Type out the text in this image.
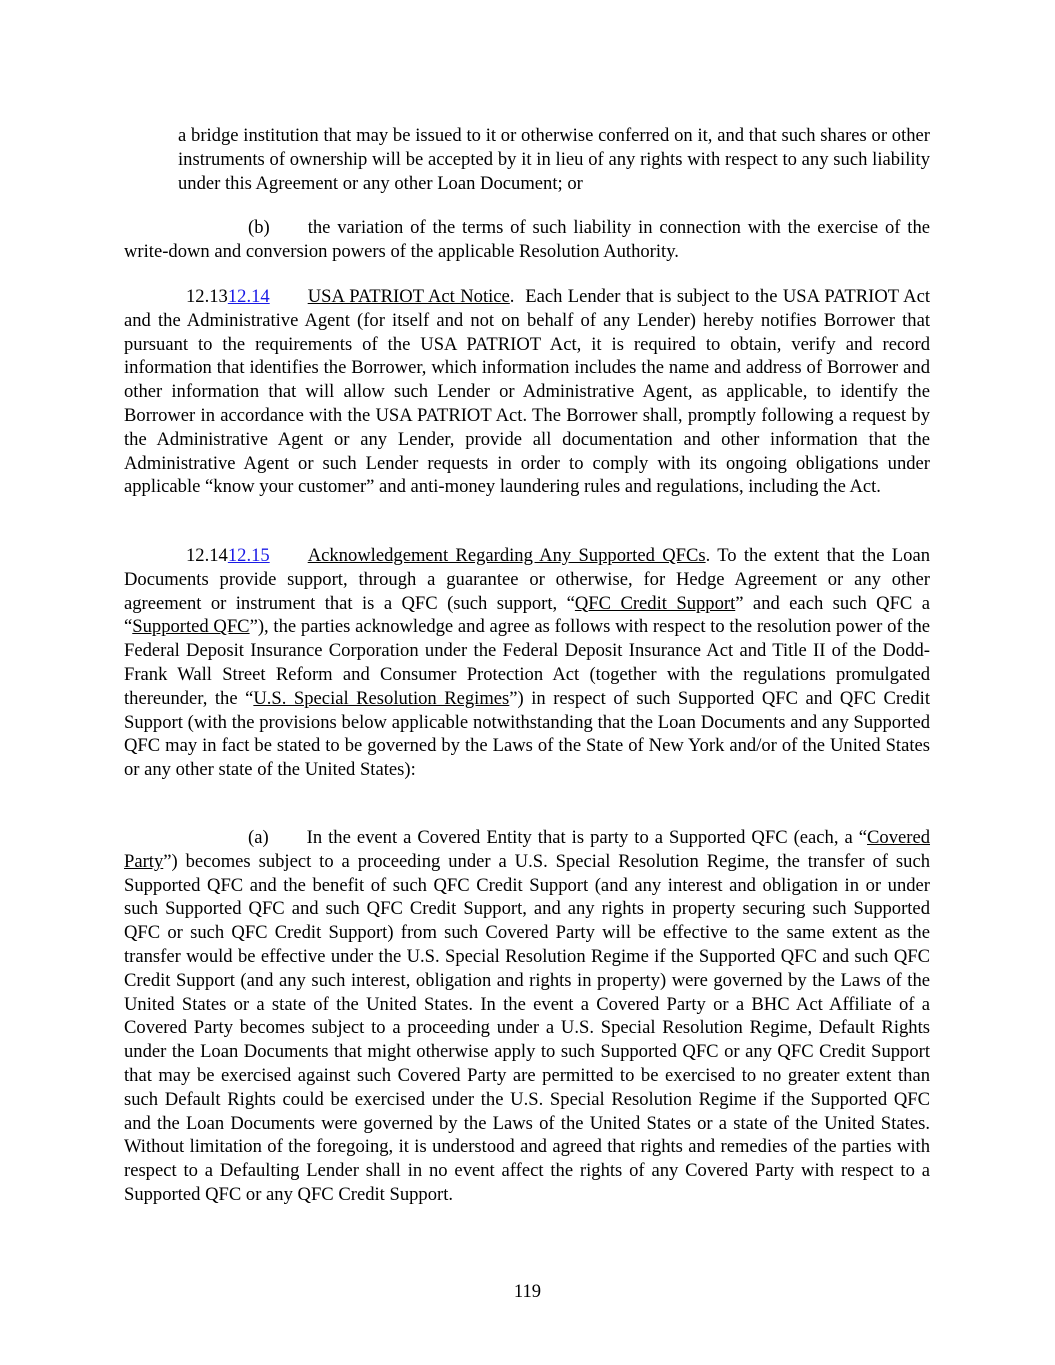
a bridge institution that may be issued to it or otherwise conferred on it, and that such shares or other instruments of ownership will be accepted by it in lieu of any rights with respect to any such liability under this Agreement or any other Loan Document; or

(b) the variation of the terms of such liability in connection with the exercise of the write-down and conversion powers of the applicable Resolution Authority.

12.1312.14 USA PATRIOT Act Notice. Each Lender that is subject to the USA PATRIOT Act and the Administrative Agent (for itself and not on behalf of any Lender) hereby notifies Borrower that pursuant to the requirements of the USA PATRIOT Act, it is required to obtain, verify and record information that identifies the Borrower, which information includes the name and address of Borrower and other information that will allow such Lender or Administrative Agent, as applicable, to identify the Borrower in accordance with the USA PATRIOT Act. The Borrower shall, promptly following a request by the Administrative Agent or any Lender, provide all documentation and other information that the Administrative Agent or such Lender requests in order to comply with its ongoing obligations under applicable “know your customer” and anti-money laundering rules and regulations, including the Act.

12.1412.15 Acknowledgement Regarding Any Supported QFCs. To the extent that the Loan Documents provide support, through a guarantee or otherwise, for Hedge Agreement or any other agreement or instrument that is a QFC (such support, “QFC Credit Support” and each such QFC a “Supported QFC”), the parties acknowledge and agree as follows with respect to the resolution power of the Federal Deposit Insurance Corporation under the Federal Deposit Insurance Act and Title II of the Dodd-Frank Wall Street Reform and Consumer Protection Act (together with the regulations promulgated thereunder, the “U.S. Special Resolution Regimes”) in respect of such Supported QFC and QFC Credit Support (with the provisions below applicable notwithstanding that the Loan Documents and any Supported QFC may in fact be stated to be governed by the Laws of the State of New York and/or of the United States or any other state of the United States):

(a) In the event a Covered Entity that is party to a Supported QFC (each, a “Covered Party”) becomes subject to a proceeding under a U.S. Special Resolution Regime, the transfer of such Supported QFC and the benefit of such QFC Credit Support (and any interest and obligation in or under such Supported QFC and such QFC Credit Support, and any rights in property securing such Supported QFC or such QFC Credit Support) from such Covered Party will be effective to the same extent as the transfer would be effective under the U.S. Special Resolution Regime if the Supported QFC and such QFC Credit Support (and any such interest, obligation and rights in property) were governed by the Laws of the United States or a state of the United States. In the event a Covered Party or a BHC Act Affiliate of a Covered Party becomes subject to a proceeding under a U.S. Special Resolution Regime, Default Rights under the Loan Documents that might otherwise apply to such Supported QFC or any QFC Credit Support that may be exercised against such Covered Party are permitted to be exercised to no greater extent than such Default Rights could be exercised under the U.S. Special Resolution Regime if the Supported QFC and the Loan Documents were governed by the Laws of the United States or a state of the United States. Without limitation of the foregoing, it is understood and agreed that rights and remedies of the parties with respect to a Defaulting Lender shall in no event affect the rights of any Covered Party with respect to a Supported QFC or any QFC Credit Support.

119
